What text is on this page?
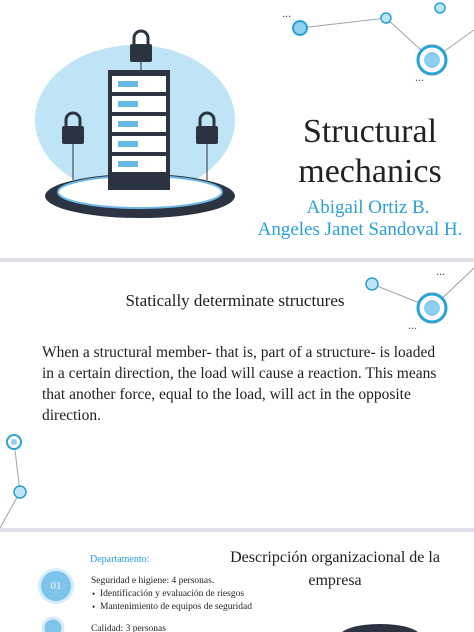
...
...
Structural mechanics

Abigail Ortiz B.

Angeles Janet Sandoval H.

...
...
Statically determinate structures

When a structural member- that is, part of a structure- is loaded in a certain direction, the load will cause a reaction. This means that another force, equal to the load, will act in the opposite direction.

Departamento:	Descripción organizacional de la empresa
01	Seguridad e higiene: 4 personas.
• Identificación y evaluación de riesgos
• Mantenimiento de equipos de seguridad
Calidad: 3 personas
